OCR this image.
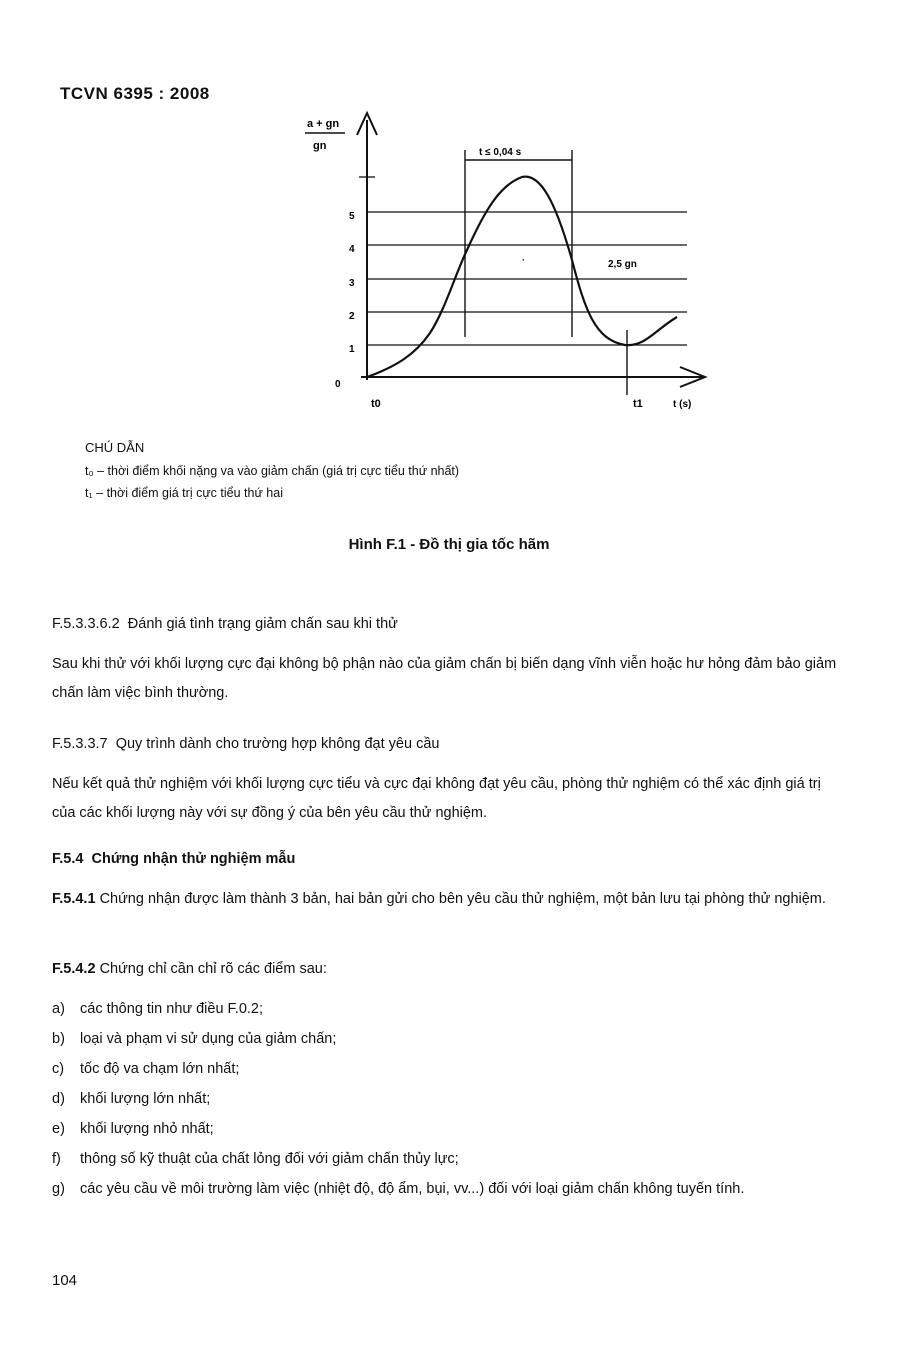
TCVN 6395 : 2008
a + gn
gn
0
1
2
3
4
5
t ≤ 0,04 s
·	2,5 gn
t0	t1	t (s)
CHÚ DẪN
t₀ – thời điểm khối nặng va vào giảm chấn (giá trị cực tiểu thứ nhất)
t₁ – thời điểm giá trị cực tiểu thứ hai
Hình F.1 - Đồ thị gia tốc hãm
F.5.3.3.6.2 Đánh giá tình trạng giảm chấn sau khi thử
Sau khi thử với khối lượng cực đại không bộ phận nào của giảm chấn bị biến dạng vĩnh viễn hoặc hư hỏng đảm bảo giảm chấn làm việc bình thường.
F.5.3.3.7 Quy trình dành cho trường hợp không đạt yêu cầu
Nếu kết quả thử nghiệm với khối lượng cực tiểu và cực đại không đạt yêu cầu, phòng thử nghiệm có thể xác định giá trị của các khối lượng này với sự đồng ý của bên yêu cầu thử nghiệm.
F.5.4 Chứng nhận thử nghiệm mẫu
F.5.4.1 Chứng nhận được làm thành 3 bản, hai bản gửi cho bên yêu cầu thử nghiệm, một bản lưu tại phòng thử nghiệm.
F.5.4.2 Chứng chỉ cần chỉ rõ các điểm sau:
a) các thông tin như điều F.0.2;
b) loại và phạm vi sử dụng của giảm chấn;
c) tốc độ va chạm lớn nhất;
d) khối lượng lớn nhất;
e) khối lượng nhỏ nhất;
f) thông số kỹ thuật của chất lỏng đối với giảm chấn thủy lực;
g)	các yêu cầu về môi trường làm việc (nhiệt độ, độ ẩm, bụi, vv...) đối với loại giảm chấn không tuyến tính.
104
